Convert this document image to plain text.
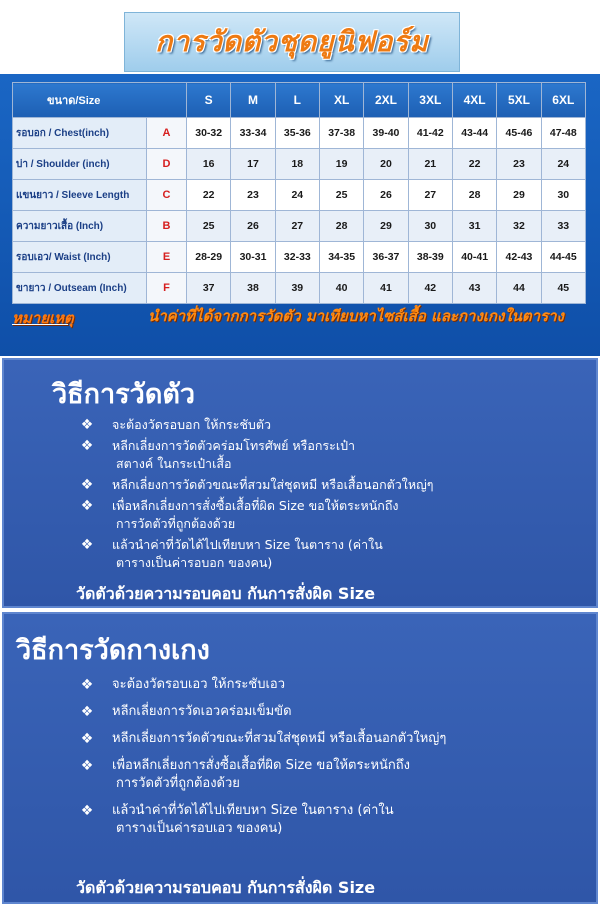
การวัดตัวชุดยูนิฟอร์ม
ขนาด/Size		S	M	L	XL	2XL	3XL	4XL	5XL	6XL
รอบอก / Chest(inch)	A	30-32	33-34	35-36	37-38	39-40	41-42	43-44	45-46	47-48
บ่า / Shoulder (inch)	D	16	17	18	19	20	21	22	23	24
แขนยาว / Sleeve Length	C	22	23	24	25	26	27	28	29	30
ความยาวเสื้อ (Inch)	B	25	26	27	28	29	30	31	32	33
รอบเอว/ Waist (Inch)	E	28-29	30-31	32-33	34-35	36-37	38-39	40-41	42-43	44-45
ขายาว / Outseam (Inch)	F	37	38	39	40	41	42	43	44	45
หมายเหตุ	นำค่าที่ได้จากการวัดตัว มาเทียบหาไซส์เสื้อ และกางเกงในตาราง
วิธีการวัดตัว
❖ จะต้องวัดรอบอก ให้กระชับตัว
❖ หลีกเลี่ยงการวัดตัวคร่อมโทรศัพย์ หรือกระเป๋า
สตางค์ ในกระเป๋าเสื้อ
❖ หลีกเลี่ยงการวัดตัวขณะที่สวมใส่ชุดหมี หรือเสื้อนอกตัวใหญ่ๆ
❖ เพื่อหลีกเลี่ยงการสั่งซื้อเสื้อที่ผิด Size ขอให้ตระหนักถึง
การวัดตัวที่ถูกต้องด้วย
❖ แล้วนำค่าที่วัดได้ไปเทียบหา Size ในตาราง (ค่าใน
ตารางเป็นค่ารอบอก ของคน)
วัดตัวด้วยความรอบคอบ กันการสั่งผิด Size
วิธีการวัดกางเกง
❖ จะต้องวัดรอบเอว ให้กระชับเอว
❖ หลีกเลี่ยงการวัดเอวคร่อมเข็มขัด
❖ หลีกเลี่ยงการวัดตัวขณะที่สวมใส่ชุดหมี หรือเสื้อนอกตัวใหญ่ๆ
❖ เพื่อหลีกเลี่ยงการสั่งซื้อเสื้อที่ผิด Size ขอให้ตระหนักถึง
การวัดตัวที่ถูกต้องด้วย
❖ แล้วนำค่าที่วัดได้ไปเทียบหา Size ในตาราง (ค่าใน
ตารางเป็นค่ารอบเอว ของคน)
วัดตัวด้วยความรอบคอบ กันการสั่งผิด Size
